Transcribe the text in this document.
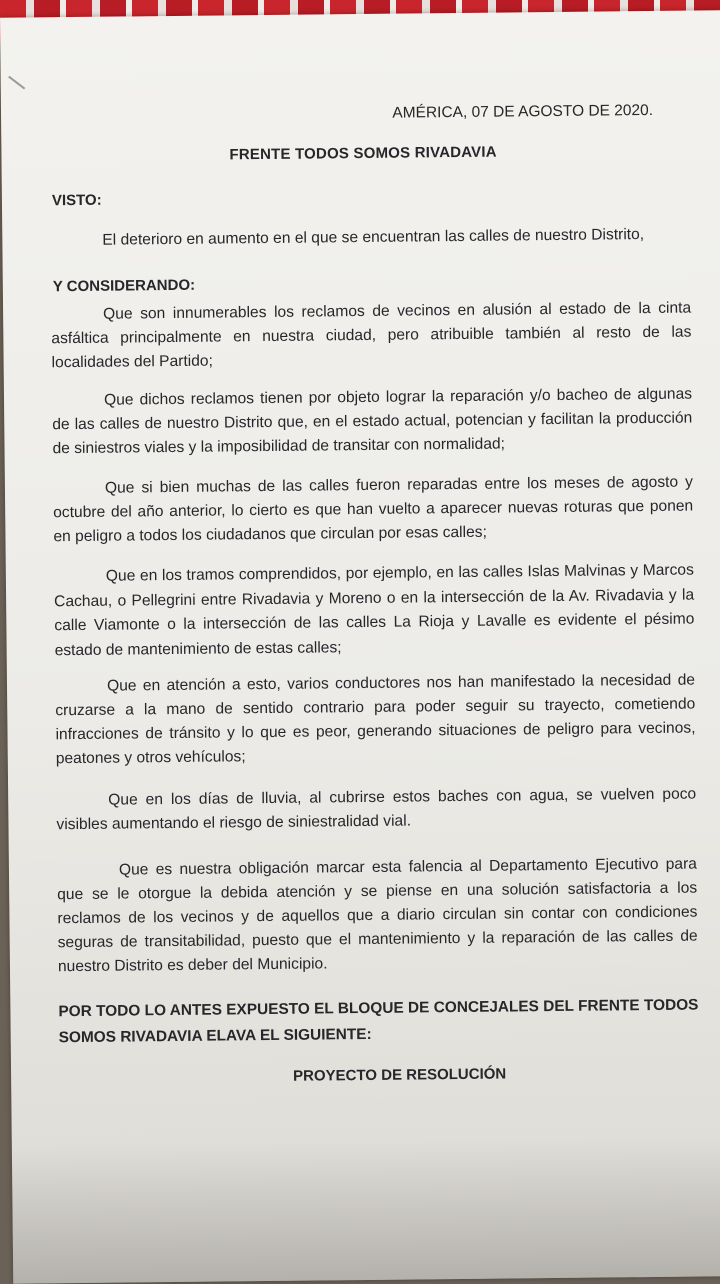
AMÉRICA, 07 DE AGOSTO DE 2020.
FRENTE TODOS SOMOS RIVADAVIA
VISTO:
El deterioro en aumento en el que se encuentran las calles de nuestro Distrito,
Y CONSIDERANDO:
Que son innumerables los reclamos de vecinos en alusión al estado de la cinta asfáltica principalmente en nuestra ciudad, pero atribuible también al resto de las localidades del Partido;
Que dichos reclamos tienen por objeto lograr la reparación y/o bacheo de algunas de las calles de nuestro Distrito que, en el estado actual, potencian y facilitan la producción de siniestros viales y la imposibilidad de transitar con normalidad;
Que si bien muchas de las calles fueron reparadas entre los meses de agosto y octubre del año anterior, lo cierto es que han vuelto a aparecer nuevas roturas que ponen en peligro a todos los ciudadanos que circulan por esas calles;
Que en los tramos comprendidos, por ejemplo, en las calles Islas Malvinas y Marcos Cachau, o Pellegrini entre Rivadavia y Moreno o en la intersección de la Av. Rivadavia y la calle Viamonte o la intersección de las calles La Rioja y Lavalle es evidente el pésimo estado de mantenimiento de estas calles;
Que en atención a esto, varios conductores nos han manifestado la necesidad de cruzarse a la mano de sentido contrario para poder seguir su trayecto, cometiendo infracciones de tránsito y lo que es peor, generando situaciones de peligro para vecinos, peatones y otros vehículos;
Que en los días de lluvia, al cubrirse estos baches con agua, se vuelven poco visibles aumentando el riesgo de siniestralidad vial.
Que es nuestra obligación marcar esta falencia al Departamento Ejecutivo para que se le otorgue la debida atención y se piense en una solución satisfactoria a los reclamos de los vecinos y de aquellos que a diario circulan sin contar con condiciones seguras de transitabilidad, puesto que el mantenimiento y la reparación de las calles de nuestro Distrito es deber del Municipio.
POR TODO LO ANTES EXPUESTO EL BLOQUE DE CONCEJALES DEL FRENTE TODOS SOMOS RIVADAVIA ELAVA EL SIGUIENTE:
PROYECTO DE RESOLUCIÓN
